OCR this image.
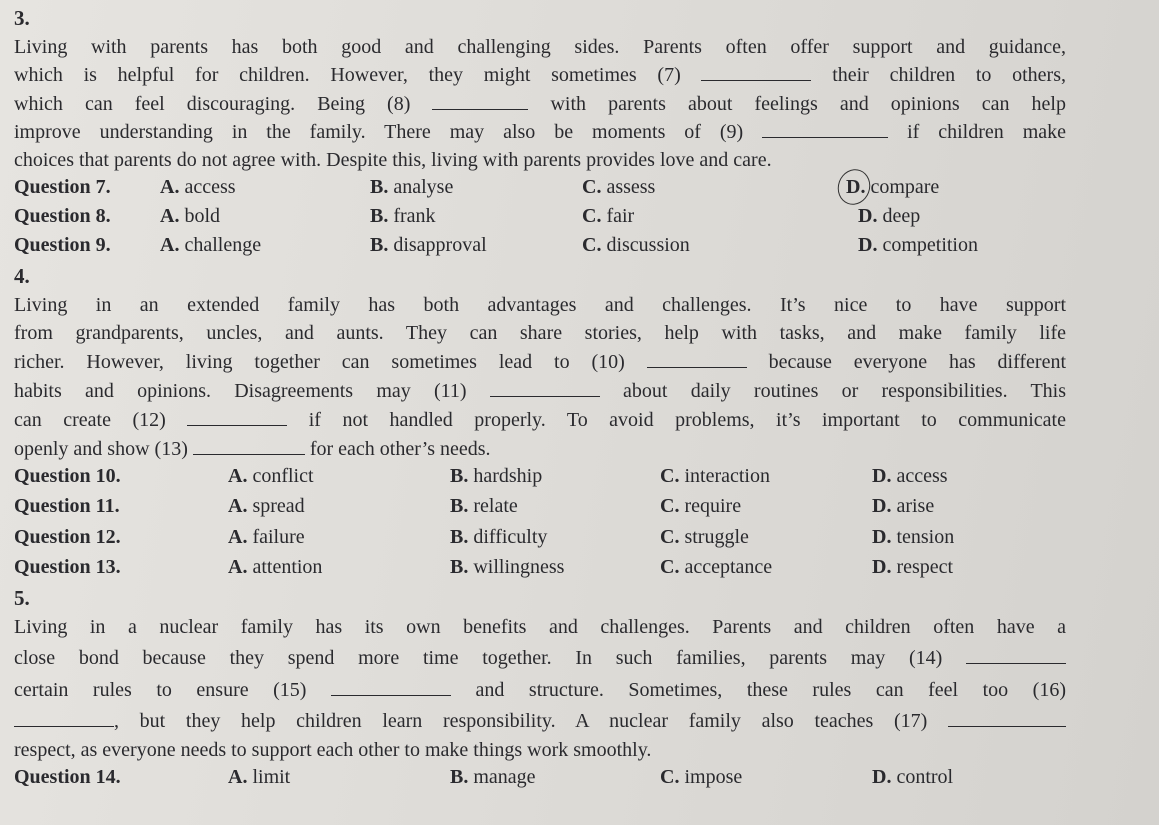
3.
Living with parents has both good and challenging sides. Parents often offer support and guidance,
which is helpful for children. However, they might sometimes (7)	their children to others,
which can feel discouraging. Being (8)	with parents about feelings and opinions can help
improve understanding in the family. There may also be moments of (9)	if children make
choices that parents do not agree with. Despite this, living with parents provides love and care.
Question 7. A. access	B. analyse	C. assess	D. compare
Question 8. A. bold	B. frank	C. fair	D. deep
Question 9. A. challenge	B. disapproval	C. discussion	D. competition
4.
Living in an extended family has both advantages and challenges. It’s nice to have support
from grandparents, uncles, and aunts. They can share stories, help with tasks, and make family life
richer. However, living together can sometimes lead to (10)	because everyone has different
habits and opinions. Disagreements may (11)	about daily routines or responsibilities. This
can create (12)	if not handled properly. To avoid problems, it’s important to communicate
openly and show (13)	for each other’s needs.
Question 10.	A. conflict	B. hardship	C. interaction	D. access
Question 11.	A. spread	B. relate	C. require	D. arise
Question 12.	A. failure	B. difficulty	C. struggle	D. tension
Question 13.	A. attention	B. willingness	C. acceptance	D. respect
5.
Living in a nuclear family has its own benefits and challenges. Parents and children often have a
close bond because they spend more time together. In such families, parents may (14)
certain rules to ensure (15)	and structure. Sometimes, these rules can feel too (16)
, but they help children learn responsibility. A nuclear family also teaches (17)
respect, as everyone needs to support each other to make things work smoothly.
Question 14.	A. limit	B. manage	C. impose	D. control
